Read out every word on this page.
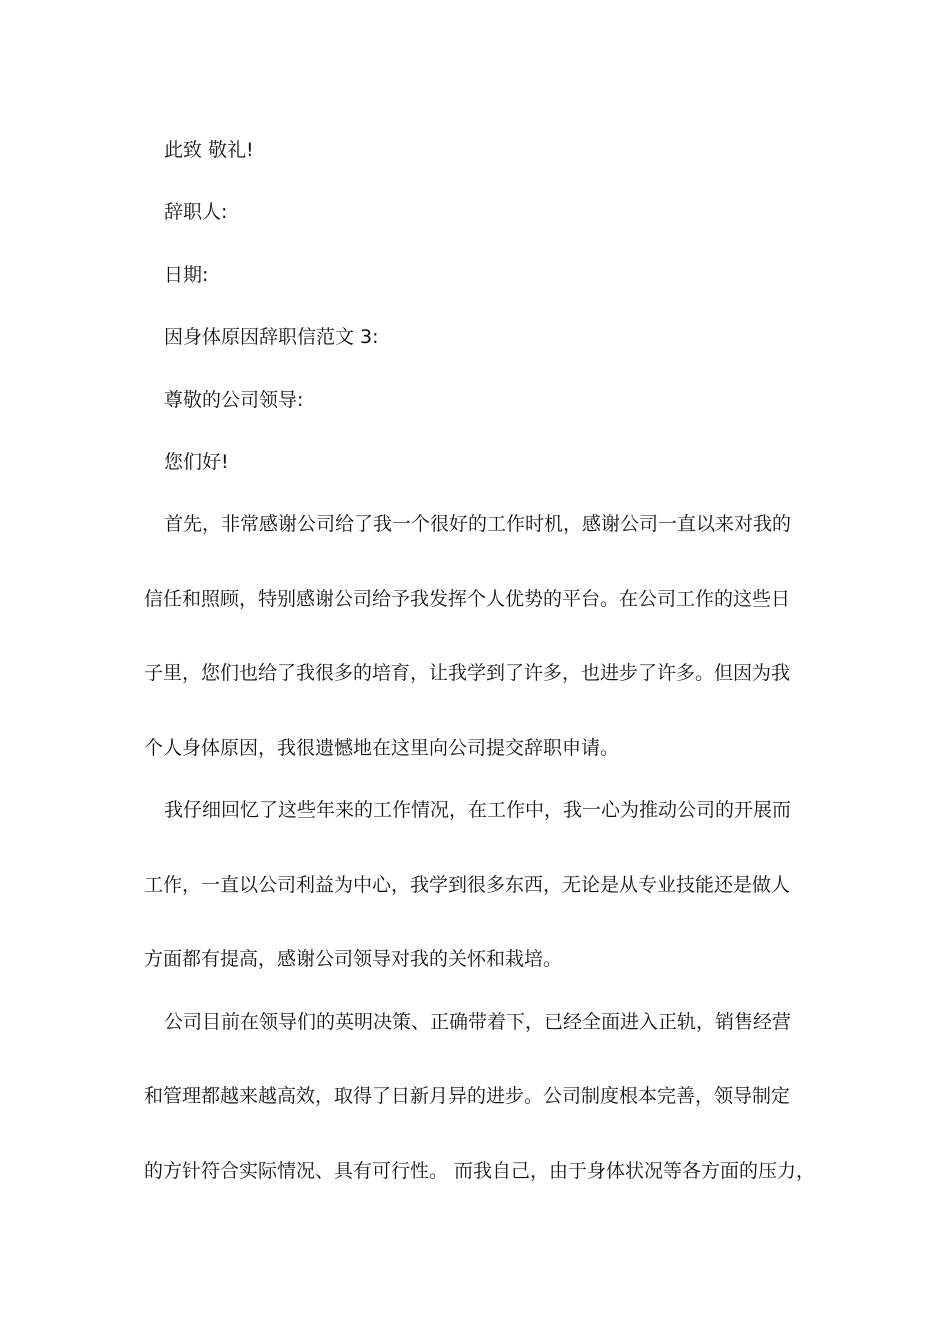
此致 敬礼!
辞职人:
日期:
因身体原因辞职信范文 3:
尊敬的公司领导:
您们好!
首先，非常感谢公司给了我一个很好的工作时机，感谢公司一直以来对我的
信任和照顾，特别感谢公司给予我发挥个人优势的平台。在公司工作的这些日
子里，您们也给了我很多的培育，让我学到了许多，也进步了许多。但因为我
个人身体原因，我很遗憾地在这里向公司提交辞职申请。
我仔细回忆了这些年来的工作情况，在工作中，我一心为推动公司的开展而
工作，一直以公司利益为中心，我学到很多东西，无论是从专业技能还是做人
方面都有提高，感谢公司领导对我的关怀和栽培。
公司目前在领导们的英明决策、正确带着下，已经全面进入正轨，销售经营
和管理都越来越高效，取得了日新月异的进步。公司制度根本完善，领导制定
的方针符合实际情况、具有可行性。 而我自己，由于身体状况等各方面的压力，
